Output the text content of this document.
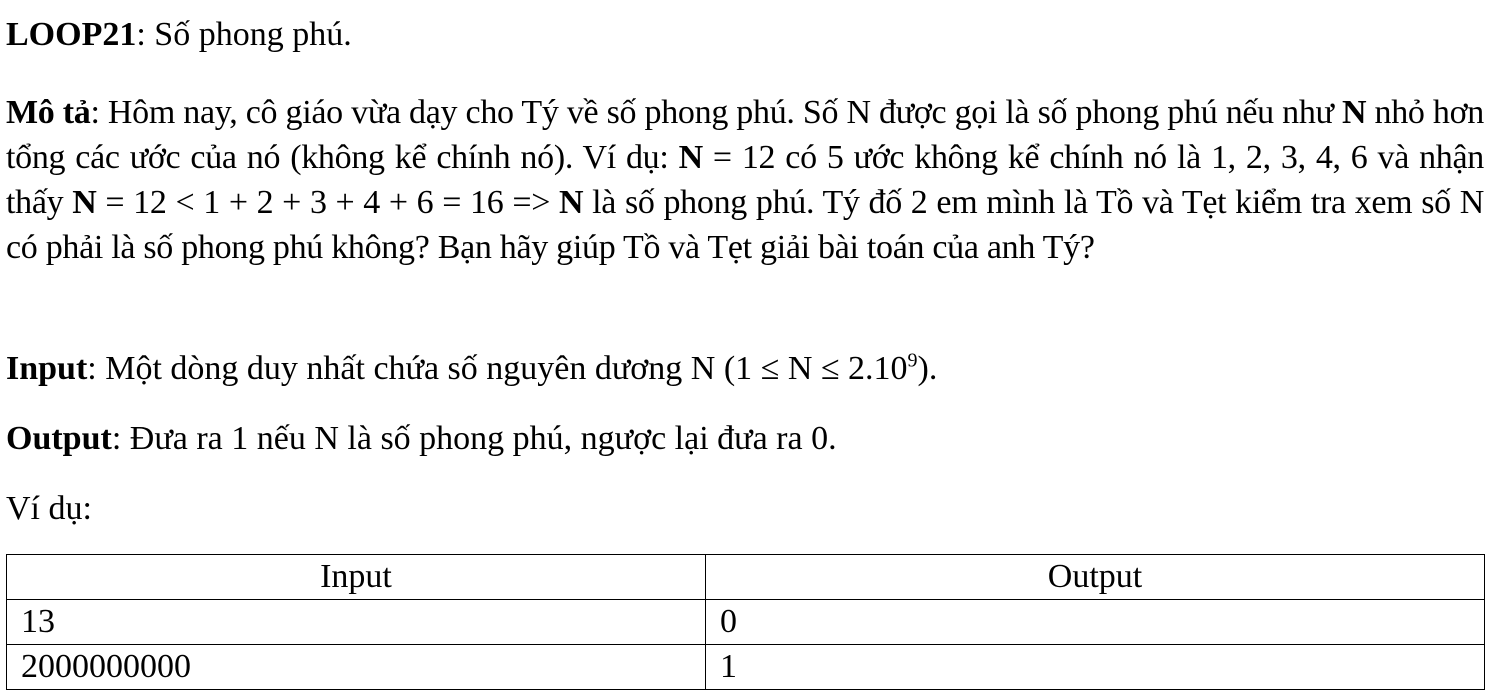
LOOP21: Số phong phú.

Mô tả: Hôm nay, cô giáo vừa dạy cho Tý về số phong phú. Số N được gọi là số phong phú nếu như N nhỏ hơn tổng các ước của nó (không kể chính nó). Ví dụ: N = 12 có 5 ước không kể chính nó là 1, 2, 3, 4, 6 và nhận thấy N = 12 < 1 + 2 + 3 + 4 + 6 = 16 => N là số phong phú. Tý đố 2 em mình là Tồ và Tẹt kiểm tra xem số N có phải là số phong phú không? Bạn hãy giúp Tồ và Tẹt giải bài toán của anh Tý?

Input: Một dòng duy nhất chứa số nguyên dương N $(1 \le N \le 2.10^9)$.

Output: Đưa ra 1 nếu N là số phong phú, ngược lại đưa ra 0.

Ví dụ:

Input	Output
13	0
2000000000	1
